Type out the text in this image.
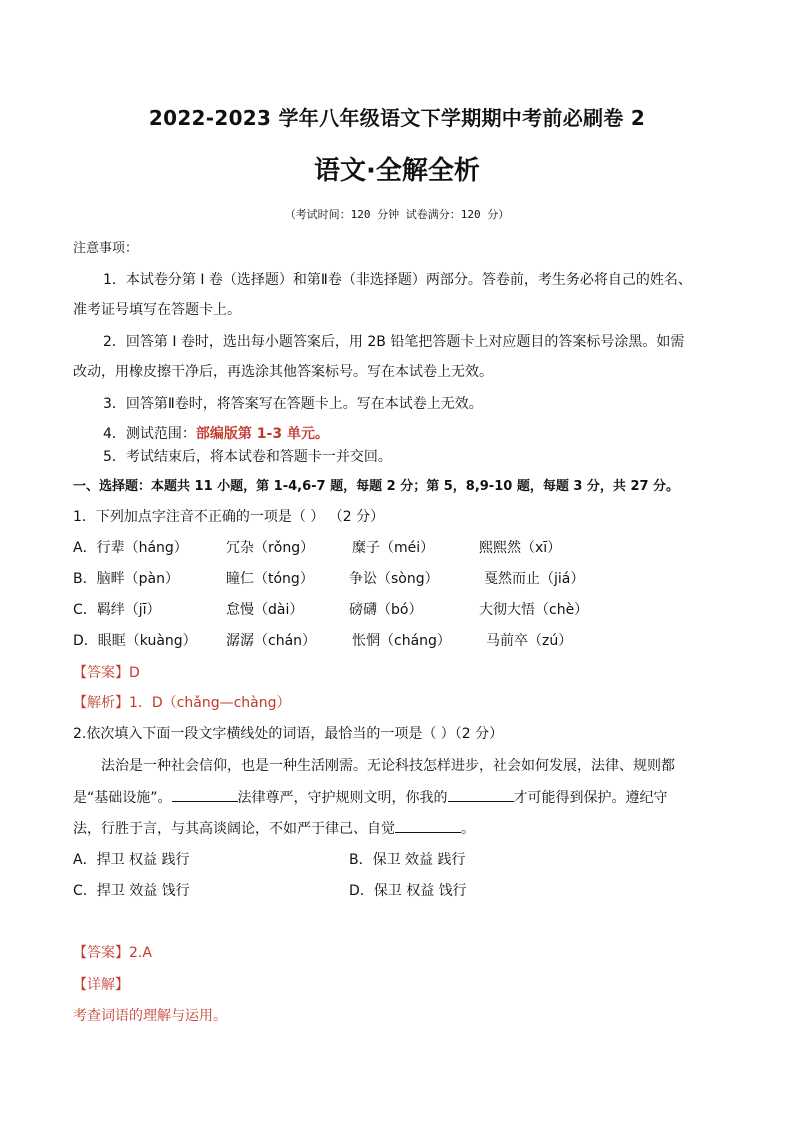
2022-2023 学年八年级语文下学期期中考前必刷卷 2
语文·全解全析
（考试时间：120 分钟 试卷满分：120 分）
注意事项：
1．本试卷分第 I 卷（选择题）和第Ⅱ卷（非选择题）两部分。答卷前，考生务必将自己的姓名、
准考证号填写在答题卡上。
2．回答第 I 卷时，选出每小题答案后，用 2B 铅笔把答题卡上对应题目的答案标号涂黑。如需
改动，用橡皮擦干净后，再选涂其他答案标号。写在本试卷上无效。
3．回答第Ⅱ卷时，将答案写在答题卡上。写在本试卷上无效。
4．测试范围：部编版第 1-3 单元。
5．考试结束后，将本试卷和答题卡一并交回。
一、选择题：本题共 11 小题，第 1-4,6-7 题，每题 2 分；第 5，8,9-10 题，每题 3 分，共 27 分。
1．下列加点字注音不正确的一项是（ ） （2 分）
A．行辈（háng）	冗杂（rǒng）	糜子（méi）	熙熙然（xī）
B．脑畔（pàn）	瞳仁（tóng）	争讼（sòng）	戛然而止（jiá）
C．羁绊（jī）	怠慢（dài）	磅礴（bó）	大彻大悟（chè）
D．眼眶（kuàng） 潺潺（chán）	怅惘（cháng）	马前卒（zú）
【答案】D
【解析】1．D（chǎng—chàng）
2.依次填入下面一段文字横线处的词语，最恰当的一项是（ ）（2 分）
法治是一种社会信仰，也是一种生活刚需。无论科技怎样进步，社会如何发展，法律、规则都
是“基础设施”。	法律尊严，守护规则文明，你我的	才可能得到保护。遵纪守
法，行胜于言，与其高谈阔论，不如严于律己、自觉	。
A．捍卫 权益 践行	B．保卫 效益 践行
C．捍卫 效益 饯行	D．保卫 权益 饯行
【答案】2.A
【详解】
考查词语的理解与运用。
